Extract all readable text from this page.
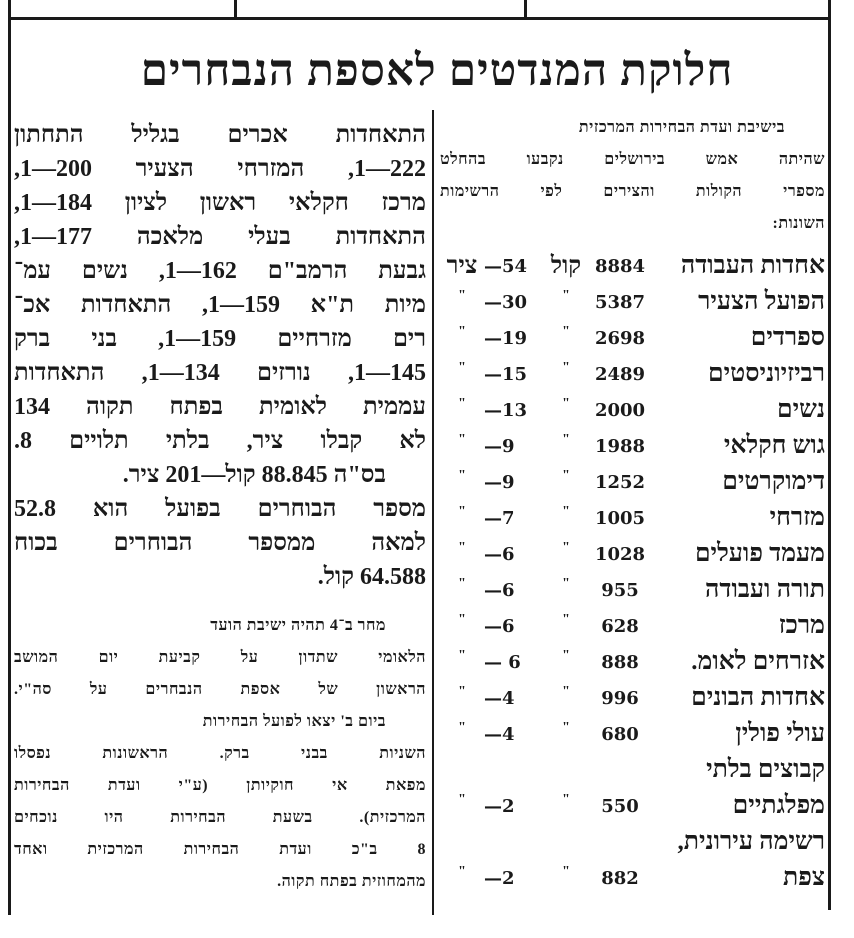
חלוקת המנדטים לאספת הנבחרים
התאחדות אכרים בגליל התחתון
222—1, המזרחי הצעיר 200—1,
מרכז חקלאי ראשון לציון 184—1,
התאחדות בעלי מלאכה 177—1,
גבעת הרמב"ם 162—1, נשים עמ־
מיות ת"א 159—1, התאחדות אכ־
רים מזרחיים 159—1, בני ברק
145—1, נורזים 134—1, התאחדות
עממית לאומית בפתח תקוה 134
לא קבלו ציר, בלתי תלויים 8.
בס"ה 88.845 קול—201 ציר.
מספר הבוחרים בפועל הוא 52.8
למאה ממספר הבוחרים בכוח
64.588 קול.
מחר ב־4 תהיה ישיבת הועד
הלאומי שתדון על קביעת יום המושב
הראשון של אספת הנבחרים על סה"י.
ביום ב' יצאו לפועל הבחירות
השניות בבני ברק. הראשונות נפסלו
מפאת אי חוקיותן (ע"י ועדת הבחירות
המרכזית). בשעת הבחירות היו נוכחים
8 ב"כ ועדת הבחירות המרכזית ואחד
מהמחוזית בפתח תקוה.
בישיבת ועדת הבחירות המרכזית
שהיתה אמש בירושלים נקבעו בהחלט
מספרי הקולות והצירים לפי הרשימות
השונות:
אחדות העבודה
8884
קול
—54
ציר
הפועל הצעיר
5387
"
—30
"
ספרדים
2698
"
—19
"
רביזיוניסטים
2489
"
—15
"
נשים
2000
"
—13
"
גוש חקלאי
1988
"
—9
"
דימוקרטים
1252
"
—9
"
מזרחי
1005
"
—7
"
מעמד פועלים
1028
"
—6
"
תורה ועבודה
955
"
—6
"
מרכז
628
"
—6
"
אזרחים לאומ.
888
"
— 6
"
אחדות הבונים
996
"
—4
"
עולי פולין
680
"
—4
"
קבוצים בלתי
מפלגתיים
550
"
—2
"
רשימה עירונית,
צפת
882
"
—2
"
